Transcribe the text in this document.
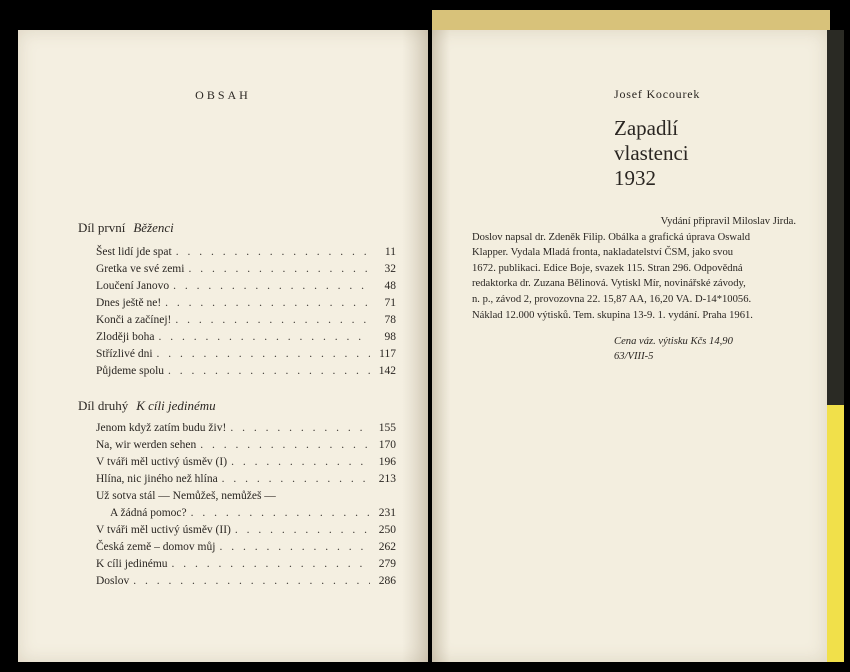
OBSAH
Díl první Běženci
Šest lidí jde spat . . .	11
Gretka ve své zemi . . .	32
Loučení Janovo . . .	48
Dnes ještě ne! . . .	71
Konči a začínej! . . .	78
Zloději boha . . .	98
Střízlivé dni . . .	117
Půjdeme spolu . . .	142
Díl druhý K cíli jedinému
Jenom když zatím budu živ! . . .	155
Na, wir werden sehen . . .	170
V tváři měl uctivý úsměv (I) . . .	196
Hlína, nic jiného než hlína . . .	213
Už sotva stál — Nemůžeš, nemůžeš —
A žádná pomoc? . . .	231
V tváři měl uctivý úsměv (II) . . .	250
Česká země – domov můj . . .	262
K cíli jedinému . . .	279
Doslov . . .	286
Josef Kocourek
Zapadlí
vlastenci
1932
Vydání připravil Miloslav Jirda.
Doslov napsal dr. Zdeněk Filip. Obálka a grafická úprava Oswald
Klapper. Vydala Mladá fronta, nakladatelství ČSM, jako svou
1672. publikaci. Edice Boje, svazek 115. Stran 296. Odpovědná
redaktorka dr. Zuzana Bělinová. Vytiskl Mír, novinářské závody,
n. p., závod 2, provozovna 22. 15,87 AA, 16,20 VA. D-14*10056.
Náklad 12.000 výtisků. Tem. skupina 13-9. 1. vydání. Praha 1961.
Cena váz. výtisku Kčs 14,90
63/VIII-5
